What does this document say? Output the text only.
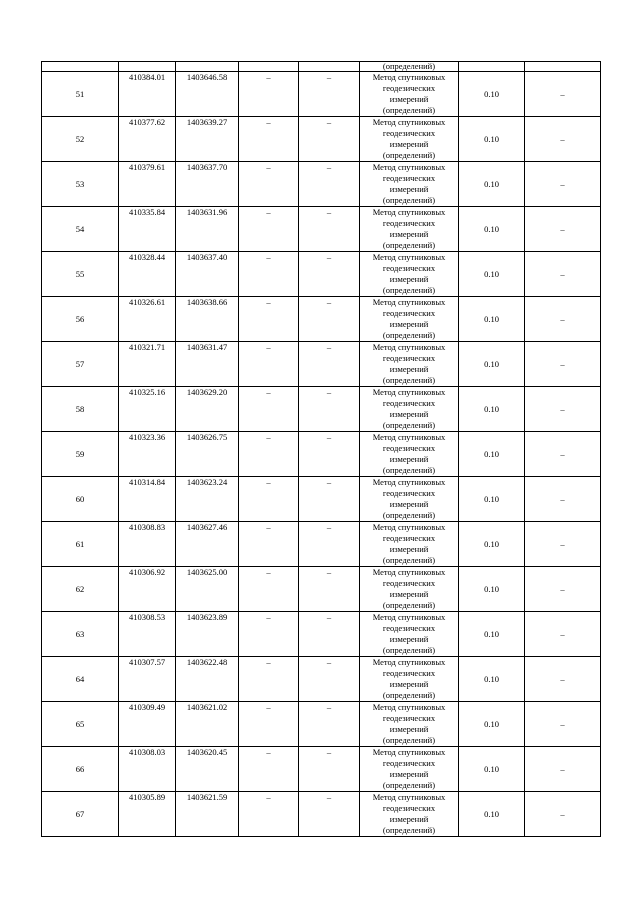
					(определений)		
51	410384.01	1403646.58	–	–	Метод спутниковых
геодезических
измерений
(определений)	0.10	–
52	410377.62	1403639.27	–	–	Метод спутниковых
геодезических
измерений
(определений)	0.10	–
53	410379.61	1403637.70	–	–	Метод спутниковых
геодезических
измерений
(определений)	0.10	–
54	410335.84	1403631.96	–	–	Метод спутниковых
геодезических
измерений
(определений)	0.10	–
55	410328.44	1403637.40	–	–	Метод спутниковых
геодезических
измерений
(определений)	0.10	–
56	410326.61	1403638.66	–	–	Метод спутниковых
геодезических
измерений
(определений)	0.10	–
57	410321.71	1403631.47	–	–	Метод спутниковых
геодезических
измерений
(определений)	0.10	–
58	410325.16	1403629.20	–	–	Метод спутниковых
геодезических
измерений
(определений)	0.10	–
59	410323.36	1403626.75	–	–	Метод спутниковых
геодезических
измерений
(определений)	0.10	–
60	410314.84	1403623.24	–	–	Метод спутниковых
геодезических
измерений
(определений)	0.10	–
61	410308.83	1403627.46	–	–	Метод спутниковых
геодезических
измерений
(определений)	0.10	–
62	410306.92	1403625.00	–	–	Метод спутниковых
геодезических
измерений
(определений)	0.10	–
63	410308.53	1403623.89	–	–	Метод спутниковых
геодезических
измерений
(определений)	0.10	–
64	410307.57	1403622.48	–	–	Метод спутниковых
геодезических
измерений
(определений)	0.10	–
65	410309.49	1403621.02	–	–	Метод спутниковых
геодезических
измерений
(определений)	0.10	–
66	410308.03	1403620.45	–	–	Метод спутниковых
геодезических
измерений
(определений)	0.10	–
67	410305.89	1403621.59	–	–	Метод спутниковых
геодезических
измерений
(определений)	0.10	–
